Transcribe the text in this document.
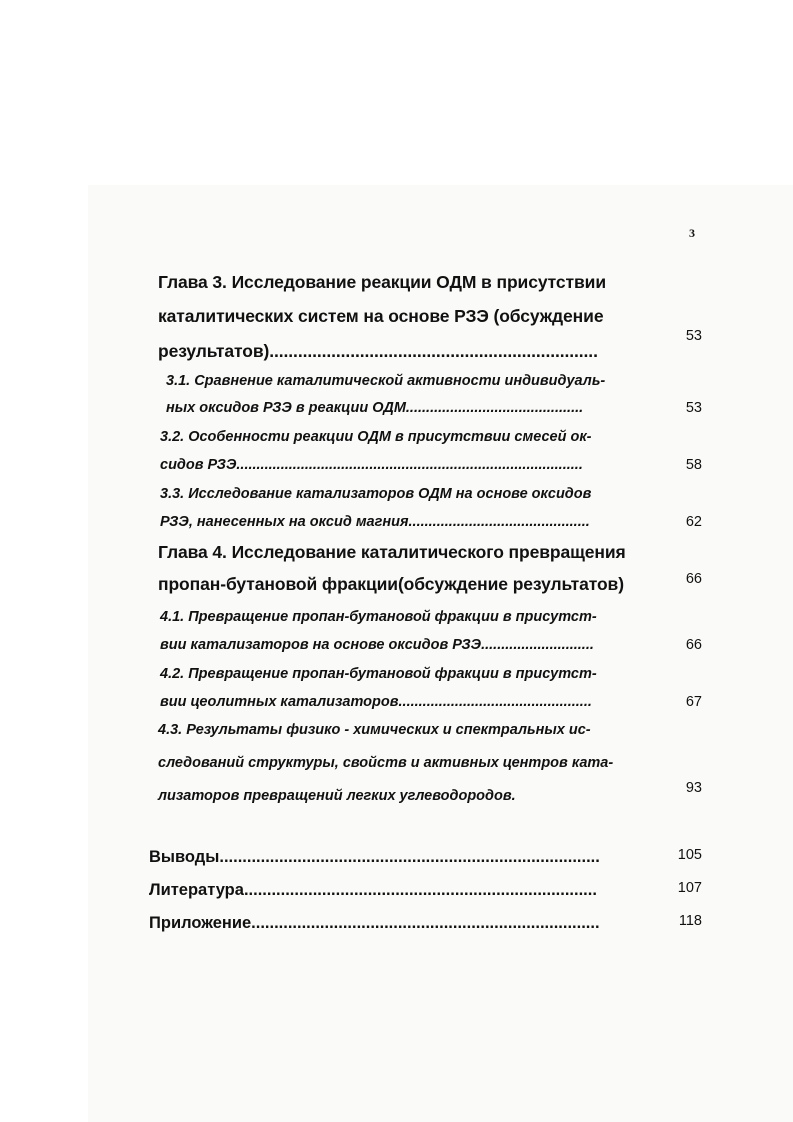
3
Глава 3. Исследование реакции ОДМ в присутствии
каталитических систем на основе РЗЭ (обсуждение
результатов).....................................................................
53
3.1. Сравнение каталитической активности индивидуаль-
ных оксидов РЗЭ в реакции ОДМ............................................	53
3.2. Особенности реакции ОДМ в присутствии смесей ок-
сидов РЗЭ......................................................................................	58
3.3. Исследование катализаторов ОДМ на основе оксидов
РЗЭ, нанесенных на оксид магния.............................................	62
Глава 4. Исследование каталитического превращения
пропан-бутановой фракции(обсуждение результатов)	66
4.1. Превращение пропан-бутановой фракции в присутст-
вии катализаторов на основе оксидов РЗЭ............................	66
4.2. Превращение пропан-бутановой фракции в присутст-
вии цеолитных катализаторов................................................	67
4.3. Результаты физико - химических и спектральных ис-
следований структуры, свойств и активных центров ката-
лизаторов превращений легких углеводородов.	93
Выводы...................................................................................	105
Литература.............................................................................	107
Приложение............................................................................	118
